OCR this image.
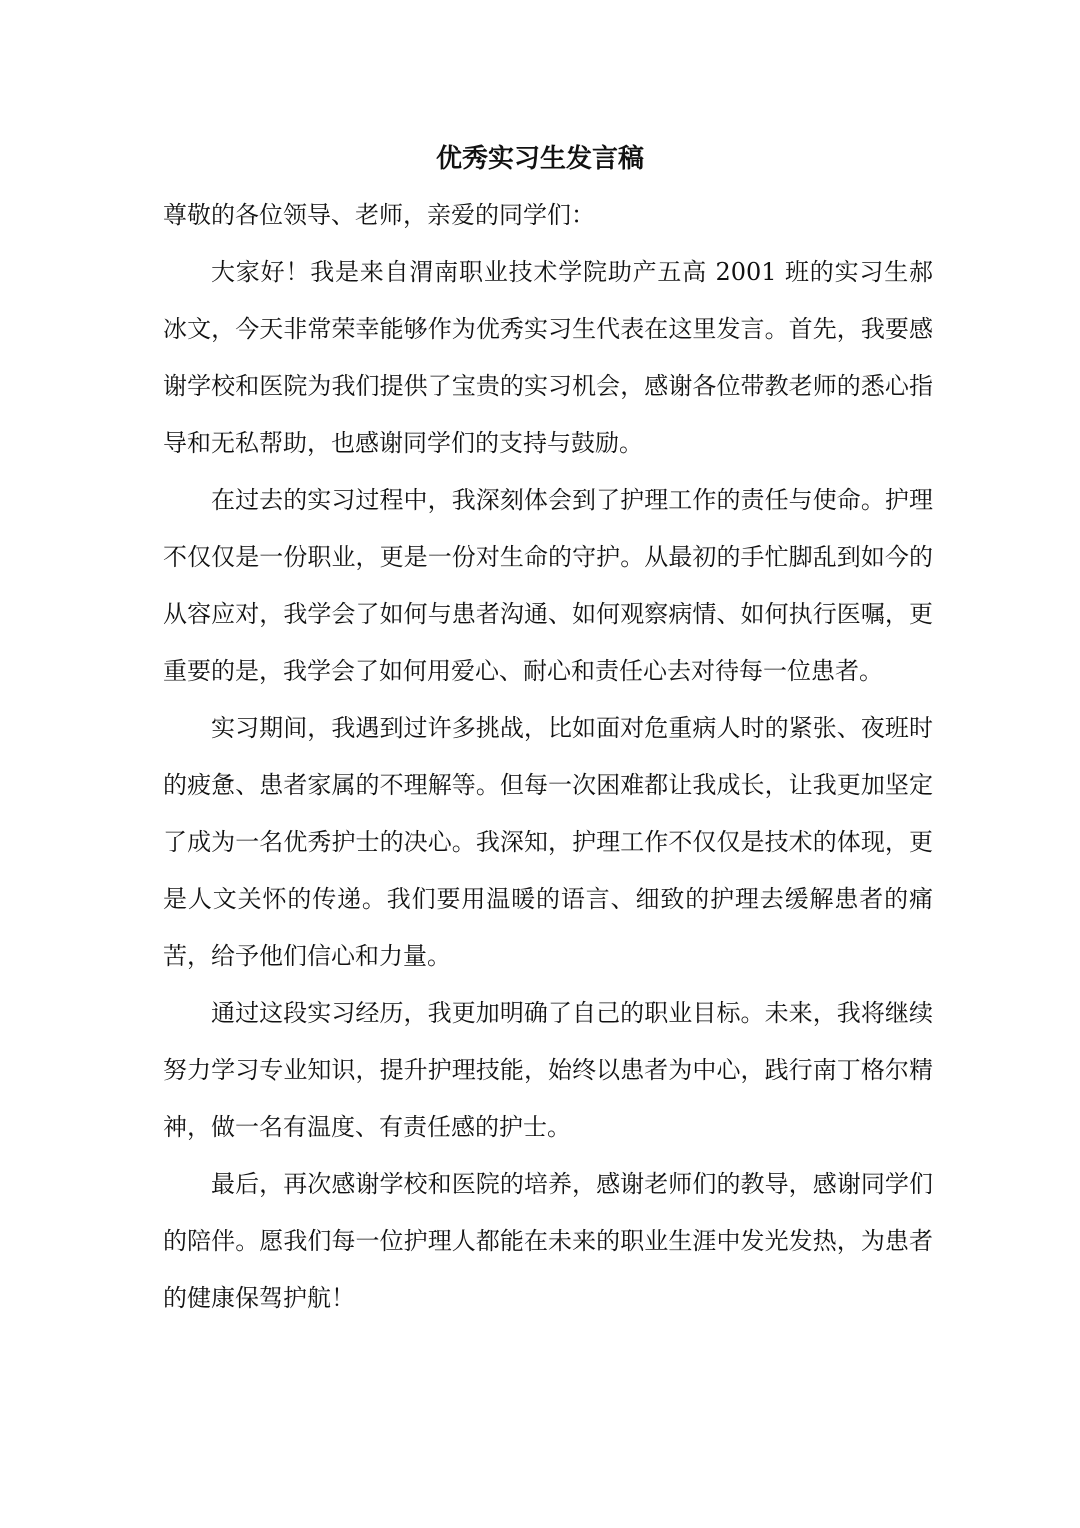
优秀实习生发言稿

尊敬的各位领导、老师，亲爱的同学们：

大家好！我是来自渭南职业技术学院助产五高 2001 班的实习生郝冰文，今天非常荣幸能够作为优秀实习生代表在这里发言。首先，我要感谢学校和医院为我们提供了宝贵的实习机会，感谢各位带教老师的悉心指导和无私帮助，也感谢同学们的支持与鼓励。

在过去的实习过程中，我深刻体会到了护理工作的责任与使命。护理不仅仅是一份职业，更是一份对生命的守护。从最初的手忙脚乱到如今的从容应对，我学会了如何与患者沟通、如何观察病情、如何执行医嘱，更重要的是，我学会了如何用爱心、耐心和责任心去对待每一位患者。

实习期间，我遇到过许多挑战，比如面对危重病人时的紧张、夜班时的疲惫、患者家属的不理解等。但每一次困难都让我成长，让我更加坚定了成为一名优秀护士的决心。我深知，护理工作不仅仅是技术的体现，更是人文关怀的传递。我们要用温暖的语言、细致的护理去缓解患者的痛苦，给予他们信心和力量。

通过这段实习经历，我更加明确了自己的职业目标。未来，我将继续努力学习专业知识，提升护理技能，始终以患者为中心，践行南丁格尔精神，做一名有温度、有责任感的护士。

最后，再次感谢学校和医院的培养，感谢老师们的教导，感谢同学们的陪伴。愿我们每一位护理人都能在未来的职业生涯中发光发热，为患者的健康保驾护航！
